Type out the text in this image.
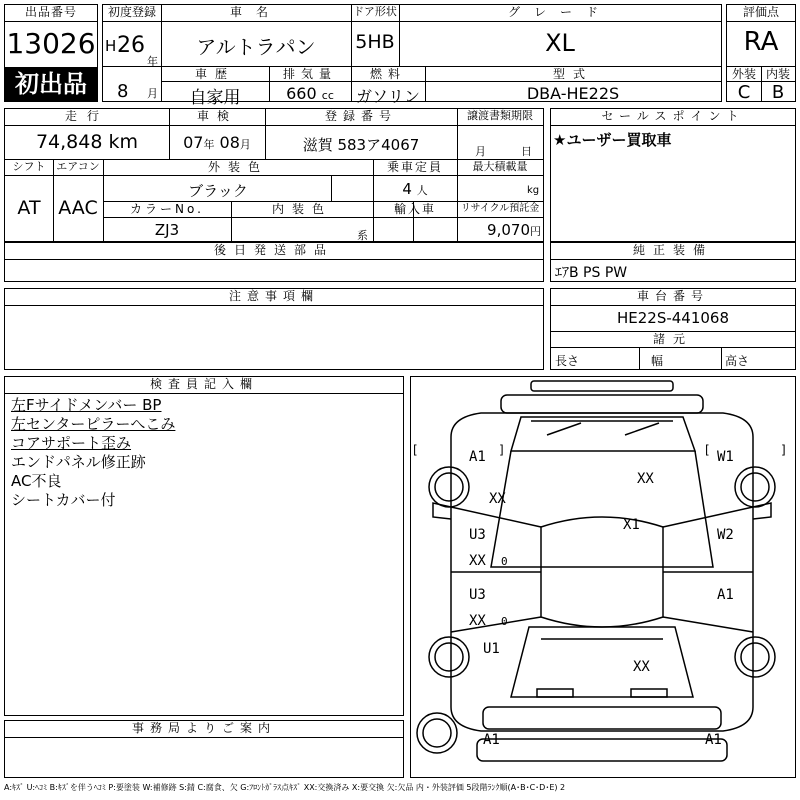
出品番号
13026
初出品
初度登録
H 26
年
8 月
車名
アルトラパン
ドア形状
5HB
グレード
XL
車歴
自家用
排気量
660 cc
燃料
ガソリン
型式
DBA-HE22S
評価点
RA
外装 内装
C	B
走行
74,848 km
車検
07年 08月
登録番号
滋賀 583ア4067
譲渡書類期限
月	日
シフト エアコン
AT AAC
外装色
ブラック
乗車定員
4 人
最大積載量
kg
カラーNo.
ZJ3
内装色
系
輸入車	リサイクル預託金
9,070円
後日発送部品
セールスポイント
★ユーザー買取車
純正装備
ｴｱB PS PW
注意事項欄	車台番号
HE22S-441068
諸元
長さ	幅	高さ
検査員記入欄
左Fサイドメンバー BP
左センターピラーへこみ
コアサポート歪み
エンドパネル修正跡
AC不良
シートカバー付
事務局よりご案内
[	]	[	]
A1	W1
XX
XX
X1
U3
XX 0
W2
U3
XX 0
A1
U1
XX
A1	A1
A:ｷｽﾞ U:ﾍｺﾐ B:ｷｽﾞを伴うﾍｺﾐ P:要塗装 W:補修跡 S:錆 C:腐食、欠 G:ﾌﾛﾝﾄｶﾞﾗｽ点ｷｽﾞ XX:交換済み X:要交換 欠:欠品 内・外装評価 5段階ﾗﾝｸ順(A･B･C･D･E) 2
